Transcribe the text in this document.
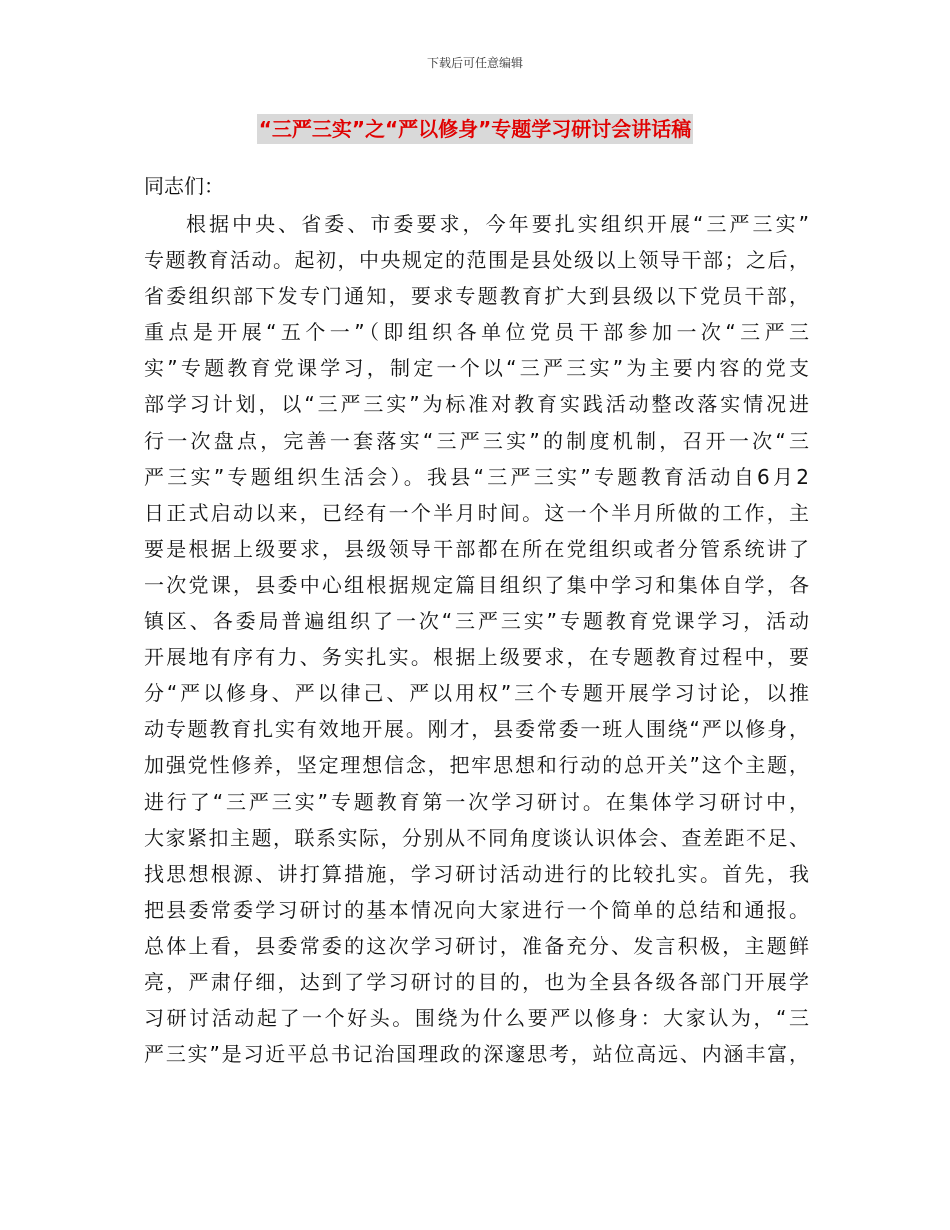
下载后可任意编辑
“三严三实”之“严以修身”专题学习研讨会讲话稿
同志们：
根据中央、省委、市委要求，今年要扎实组织开展“三严三实”
专题教育活动。起初，中央规定的范围是县处级以上领导干部；之后，
省委组织部下发专门通知，要求专题教育扩大到县级以下党员干部，
重点是开展“五个一”（即组织各单位党员干部参加一次“三严三
实”专题教育党课学习，制定一个以“三严三实”为主要内容的党支
部学习计划，以“三严三实”为标准对教育实践活动整改落实情况进
行一次盘点，完善一套落实“三严三实”的制度机制，召开一次“三
严三实”专题组织生活会）。我县“三严三实”专题教育活动自6月2
日正式启动以来，已经有一个半月时间。这一个半月所做的工作，主
要是根据上级要求，县级领导干部都在所在党组织或者分管系统讲了
一次党课，县委中心组根据规定篇目组织了集中学习和集体自学，各
镇区、各委局普遍组织了一次“三严三实”专题教育党课学习，活动
开展地有序有力、务实扎实。根据上级要求，在专题教育过程中，要
分“严以修身、严以律己、严以用权”三个专题开展学习讨论，以推
动专题教育扎实有效地开展。刚才，县委常委一班人围绕“严以修身，
加强党性修养，坚定理想信念，把牢思想和行动的总开关”这个主题，
进行了“三严三实”专题教育第一次学习研讨。在集体学习研讨中，
大家紧扣主题，联系实际，分别从不同角度谈认识体会、查差距不足、
找思想根源、讲打算措施，学习研讨活动进行的比较扎实。首先，我
把县委常委学习研讨的基本情况向大家进行一个简单的总结和通报。
总体上看，县委常委的这次学习研讨，准备充分、发言积极，主题鲜
亮，严肃仔细，达到了学习研讨的目的，也为全县各级各部门开展学
习研讨活动起了一个好头。围绕为什么要严以修身：大家认为，“三
严三实”是习近平总书记治国理政的深邃思考，站位高远、内涵丰富，
